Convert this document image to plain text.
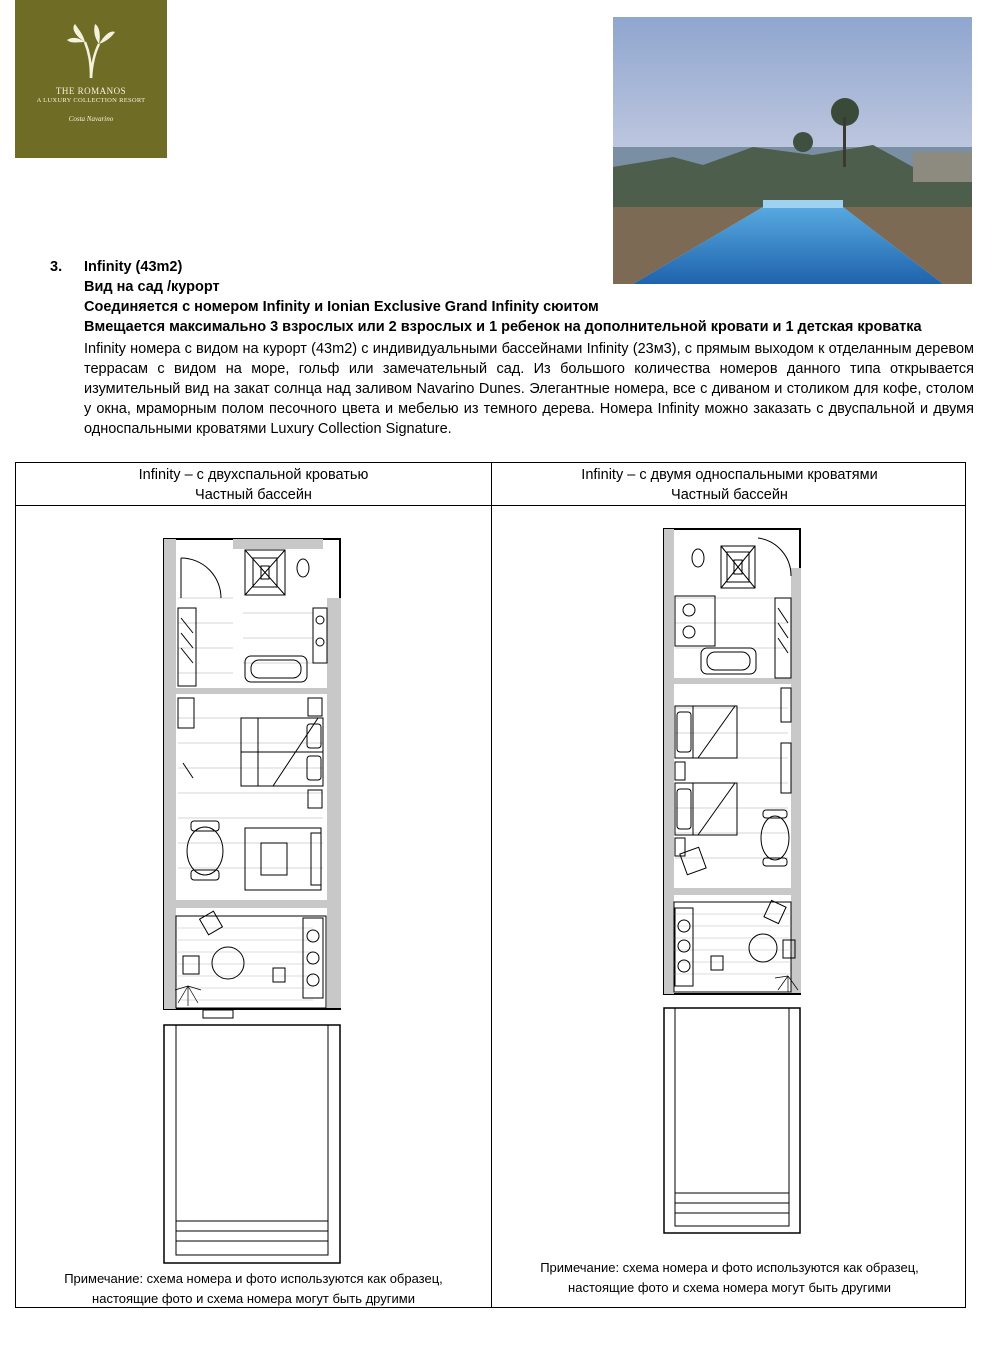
THE ROMANOS
A LUXURY COLLECTION RESORT
Costa Navarino
3. Infinity (43m2)
Вид на сад /курорт
Соединяется с номером Infinity и Ionian Exclusive Grand Infinity сюитом
Вмещается максимально 3 взрослых или 2 взрослых и 1 ребенок на дополнительной кровати и 1 детская кроватка
Infinity номера с видом на курорт (43m2) с индивидуальными бассейнами Infinity (23м3), с прямым выходом к отделанным деревом террасам с видом на море, гольф или замечательный сад. Из большого количества номеров данного типа открывается изумительный вид на закат солнца над заливом Navarino Dunes. Элегантные номера, все с диваном и столиком для кофе, столом у окна, мраморным полом песочного цвета и мебелью из темного дерева. Номера Infinity можно заказать с двуспальной и двумя односпальными кроватями Luxury Collection Signature.
Infinity – с двухспальной кроватью
Частный бассейн
Infinity – с двумя односпальными кроватями
Частный бассейн
Примечание: схема номера и фото используются как образец,
настоящие фото и схема номера могут быть другими
Примечание: схема номера и фото используются как образец,
настоящие фото и схема номера могут быть другими
